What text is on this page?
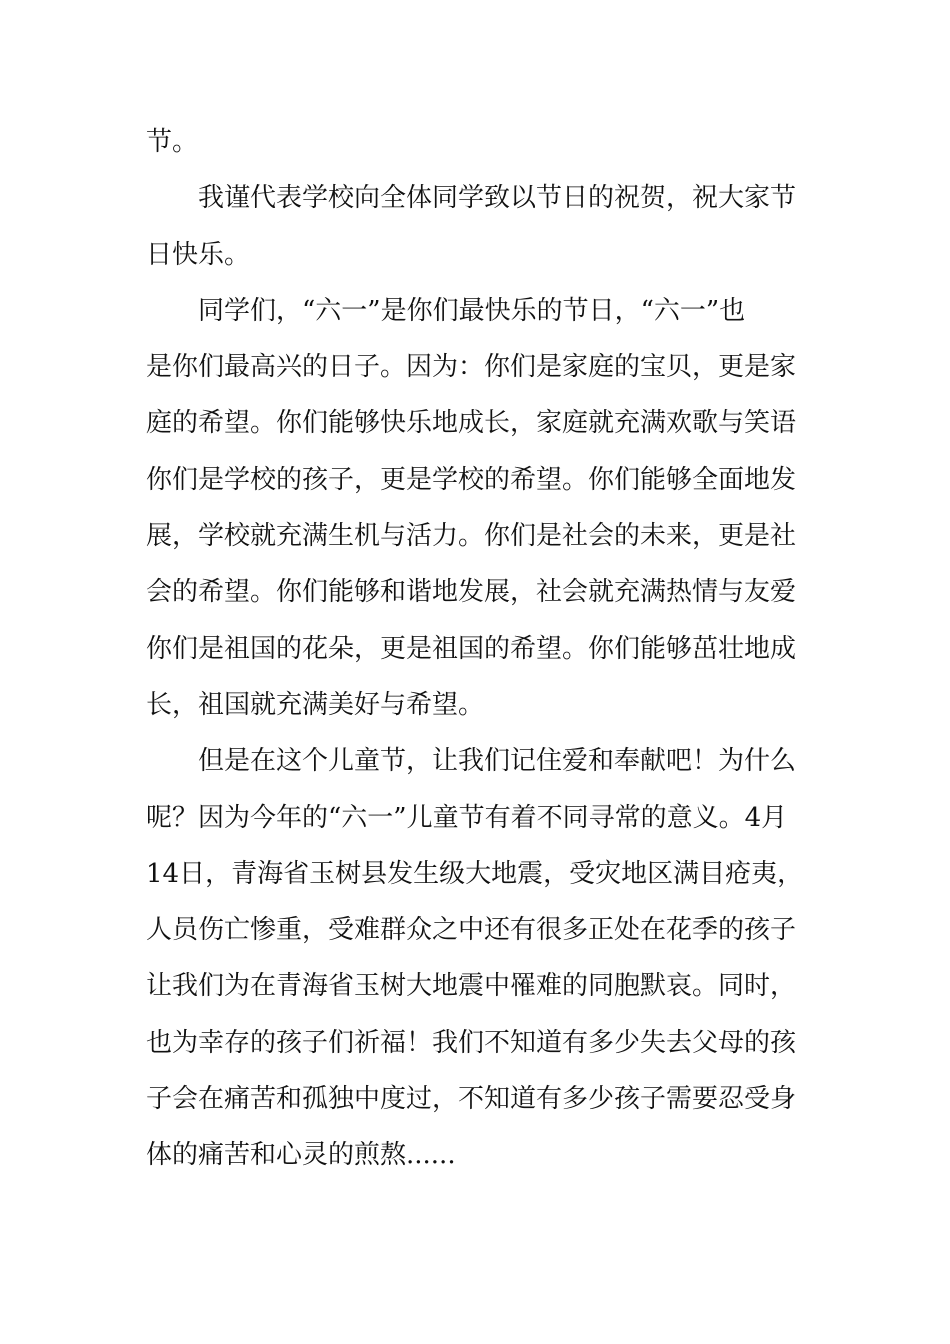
节。
我谨代表学校向全体同学致以节日的祝贺，祝大家节
日快乐。
同学们，“六一”是你们最快乐的节日，“六一”也
是你们最高兴的日子。因为：你们是家庭的宝贝，更是家
庭的希望。你们能够快乐地成长，家庭就充满欢歌与笑语
你们是学校的孩子，更是学校的希望。你们能够全面地发
展，学校就充满生机与活力。你们是社会的未来，更是社
会的希望。你们能够和谐地发展，社会就充满热情与友爱
你们是祖国的花朵，更是祖国的希望。你们能够茁壮地成
长，祖国就充满美好与希望。
但是在这个儿童节，让我们记住爱和奉献吧！为什么
呢？因为今年的“六一”儿童节有着不同寻常的意义。4月
14日，青海省玉树县发生级大地震，受灾地区满目疮夷，
人员伤亡惨重，受难群众之中还有很多正处在花季的孩子
让我们为在青海省玉树大地震中罹难的同胞默哀。同时，
也为幸存的孩子们祈福！我们不知道有多少失去父母的孩
子会在痛苦和孤独中度过，不知道有多少孩子需要忍受身
体的痛苦和心灵的煎熬......
